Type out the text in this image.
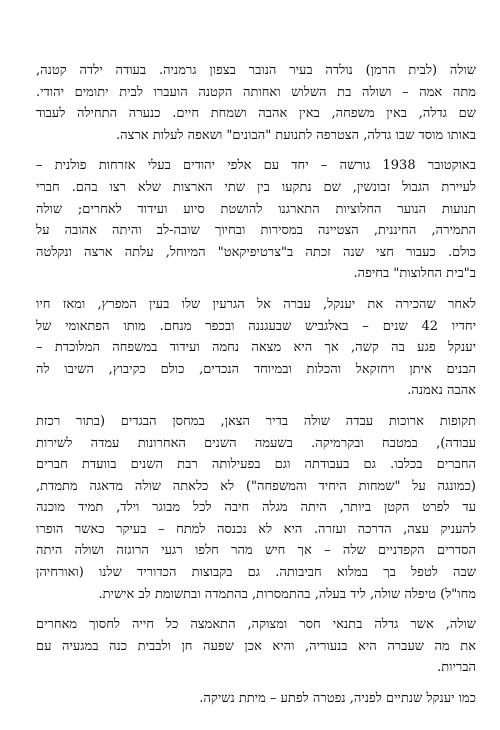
שולה (לבית הרמן) נולדה בעיר הנובר בצפון גרמניה. בעודה ילדה קטנה,
מתה אמה – ושולה בת השלוש ואחותה הקטנה הועברו לבית יתומים יהודי.
שם גדלה, באין משפחה, באין אהבה ושמחת חיים. כנערה התחילה לעבוד
באותו מוסד שבו גדלה, הצטרפה לתנועת "הבונים" ושאפה לעלות ארצה.
באוקטובר 1938 גורשה – יחד עם אלפי יהודים בעלי אזרחות פולנית –
לעיירת הגבול זבונשין, שם נתקעו בין שתי הארצות שלא רצו בהם. חברי
תנועות הנוער החלוציות התארגנו להושטת סיוע ועידוד לאחרים; שולה
התמירה, החיננית, הצטיינה במסירות ובחיוך שובה-לב והיתה אהובה על
כולם. כעבור חצי שנה זכתה ב"צרטיפיקאט" המיוחל, עלתה ארצה ונקלטה
ב"בית החלוצות" בחיפה.
לאחר שהכירה את יענקל, עברה אל הגרעין שלו בעין המפרץ, ומאז חיו
יחדיו 42 שנים – באלגביש שבעגננה ובכפר מנחם. מותו הפתאומי של
יענקל פגע בה קשה, אך היא מצאה נחמה ועידוד במשפחה המלוכדת –
הבנים איתן ויחזקאל והכלות ובמיוחד הנכדים, כולם כקיבוץ, השיבו לה
אהבה נאמנה.
תקופות ארוכות עבדה שולה בדיר הצאן, במחסן הבגדים (בתור רכזת
עבודה), במטבח ובקרמיקה. בשעמה השנים האחרונות עמדה לשירות
החברים בכלבו. גם בעבודתה וגם בפעילותה רבת השנים בוועדת חברים
(כמונגה על "שמחות היחיד והמשפחה") לא כלאתה שולה מדאגה מתמדת,
עד לפרט הקטן ביותר, היתה מגלה חיבה לכל מבוגר וילד, תמיד מוכנה
להעניק עצה, הדרכה ועזרה. היא לא נכנסה למתח – בעיקר כאשר הופרו
הסדרים הקפדניים שלה – אך חיש מהר חלפו רגעי הרוגזה ושולה היתה
שבה לטפל בך במלוא חביבותה. גם בקבוצות הכדוריד שלנו (ואורחיהן
מחו"ל) טיפלה שולה, ליד בעלה, בהתמסרות, בהתמדה ובתשומת לב אישית.
שולה, אשר גדלה בתנאי חסר ומצוקה, התאמצה כל חייה לחסוך מאחרים
את מה שעברה היא בנעוריה, והיא אכן שפעה חן ולבבית כנה במגעיה עם
הבריות.
כמו יענקל שנתיים לפניה, נפטרה לפתע – מיתת נשיקה.
